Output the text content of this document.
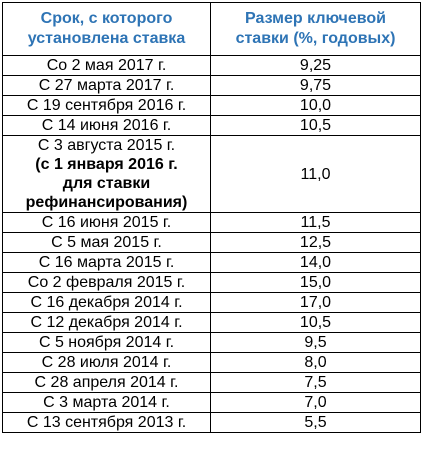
Срок, с которого
установлена ставка	Размер ключевой
ставки (%, годовых)

Со 2 мая 2017 г.	9,25
С 27 марта 2017 г.	9,75
С 19 сентября 2016 г.	10,0
С 14 июня 2016 г.	10,5

С 3 августа 2015 г.
(с 1 января 2016 г.
для ставки
рефинансирования)	11,0
С 16 июня 2015 г.	11,5
С 5 мая 2015 г.	12,5
С 16 марта 2015 г.	14,0
Со 2 февраля 2015 г.	15,0
С 16 декабря 2014 г.	17,0
С 12 декабря 2014 г.	10,5
С 5 ноября 2014 г.	9,5
С 28 июля 2014 г.	8,0
С 28 апреля 2014 г.	7,5
С 3 марта 2014 г.	7,0
С 13 сентября 2013 г.	5,5
